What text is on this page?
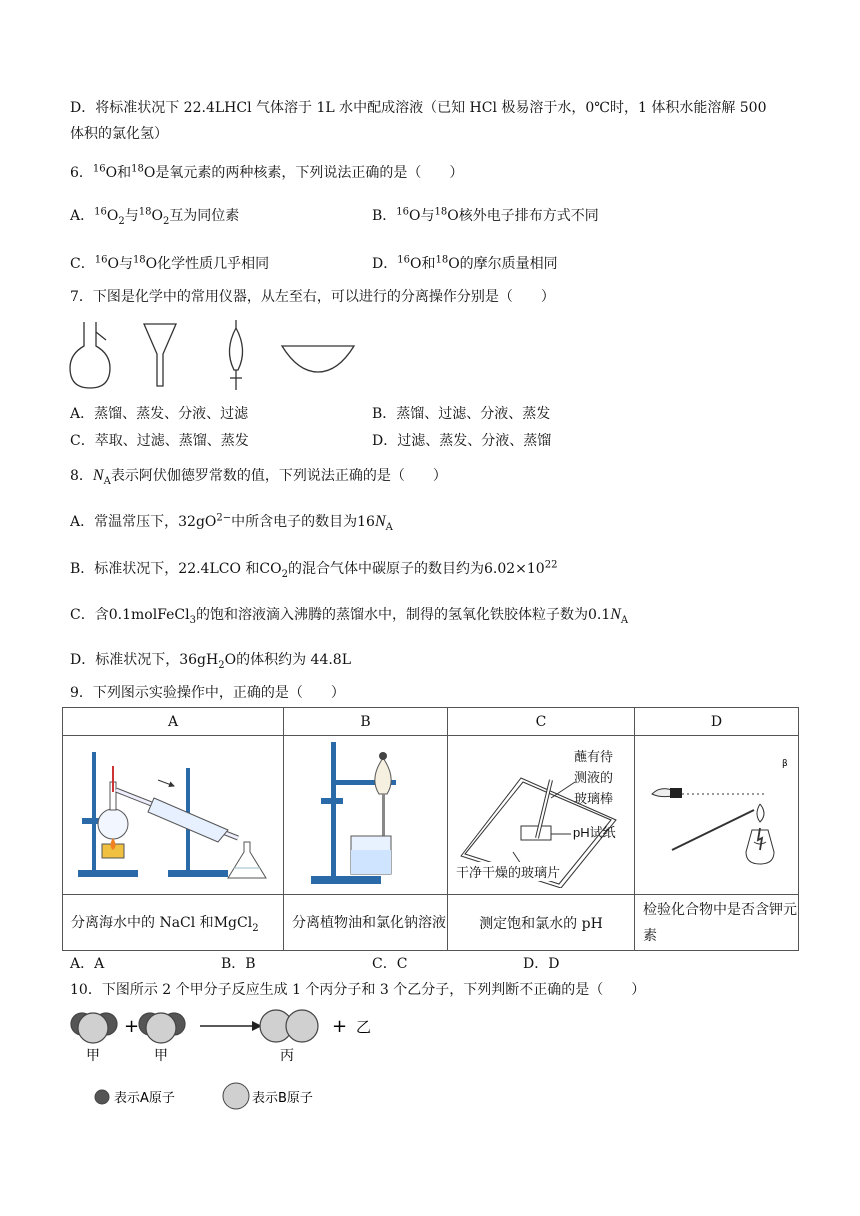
D．将标准状况下 22.4LHCl 气体溶于 1L 水中配成溶液（已知 HCl 极易溶于水，0℃时，1 体积水能溶解 500
体积的氯化氢）
6．$^{16}$O和$^{18}$O是氧元素的两种核素，下列说法正确的是（　　）
A．$^{16}O_2$与$^{18}O_2$互为同位素	B．$^{16}$O与$^{18}$O核外电子排布方式不同
C．$^{16}$O与$^{18}$O化学性质几乎相同	D．$^{16}$O和$^{18}$O的摩尔质量相同
7．下图是化学中的常用仪器，从左至右，可以进行的分离操作分别是（　　）
A．蒸馏、蒸发、分液、过滤	B．蒸馏、过滤、分液、蒸发
C．萃取、过滤、蒸馏、蒸发	D．过滤、蒸发、分液、蒸馏
8．$N_A$表示阿伏伽德罗常数的值，下列说法正确的是（　　）
A．常温常压下，$32gO^{2-}$中所含电子的数目为$16N_A$
B．标准状况下，22.4LCO 和$CO_2$的混合气体中碳原子的数目约为$6.02\times 10^{22}$
C．含0.1molFeCl$_3$的饱和溶液滴入沸腾的蒸馏水中，制得的氢氧化铁胶体粒子数为$0.1N_A$
D．标准状况下，$36gH_2O$的体积约为 44.8L
9．下列图示实验操作中，正确的是（　　）
A	B	C	D

蘸有待
测液的
玻璃棒
pH试纸
干净干燥的玻璃片	β

分离海水中的 NaCl 和MgCl$_2$	分离植物油和氯化钠溶液	测定饱和氯水的 pH	检验化合物中是否含钾元素
A．A	B．B	C．C	D．D
10．下图所示 2 个甲分子反应生成 1 个丙分子和 3 个乙分子，下列判断不正确的是（　　）
+	+ 乙
甲	甲	丙
表示A原子	表示B原子
